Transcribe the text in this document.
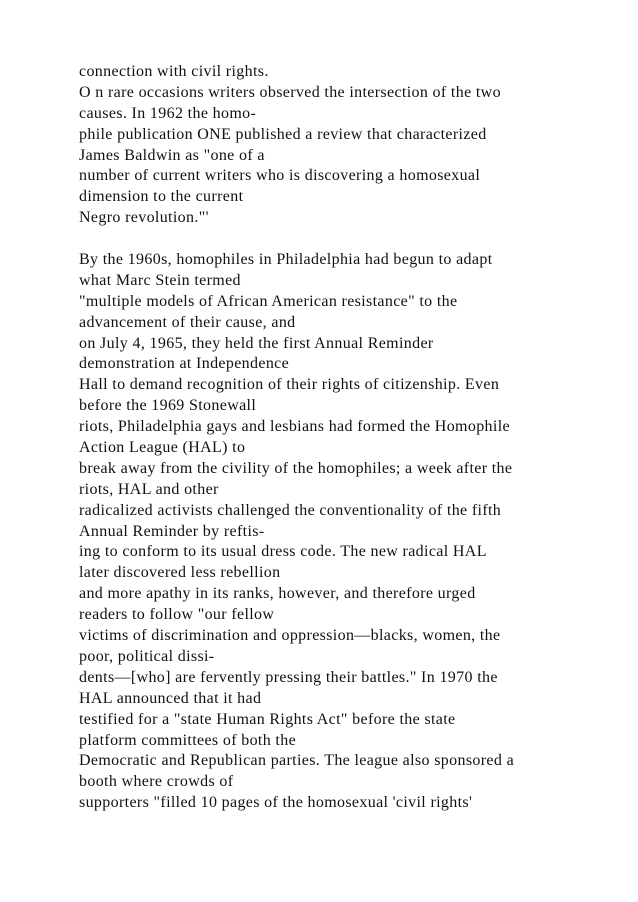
connection with civil rights.
O n rare occasions writers observed the intersection of the two
causes. In 1962 the homo-
phile publication ONE published a review that characterized
James Baldwin as "one of a
number of current writers who is discovering a homosexual
dimension to the current
Negro revolution."'
By the 1960s, homophiles in Philadelphia had begun to adapt
what Marc Stein termed
"multiple models of African American resistance" to the
advancement of their cause, and
on July 4, 1965, they held the first Annual Reminder
demonstration at Independence
Hall to demand recognition of their rights of citizenship. Even
before the 1969 Stonewall
riots, Philadelphia gays and lesbians had formed the Homophile
Action League (HAL) to
break away from the civility of the homophiles; a week after the
riots, HAL and other
radicalized activists challenged the conventionality of the fifth
Annual Reminder by reftis-
ing to conform to its usual dress code. The new radical HAL
later discovered less rebellion
and more apathy in its ranks, however, and therefore urged
readers to follow "our fellow
victims of discrimination and oppression—blacks, women, the
poor, political dissi-
dents—[who] are fervently pressing their battles." In 1970 the
HAL announced that it had
testified for a "state Human Rights Act" before the state
platform committees of both the
Democratic and Republican parties. The league also sponsored a
booth where crowds of
supporters "filled 10 pages of the homosexual 'civil rights'
